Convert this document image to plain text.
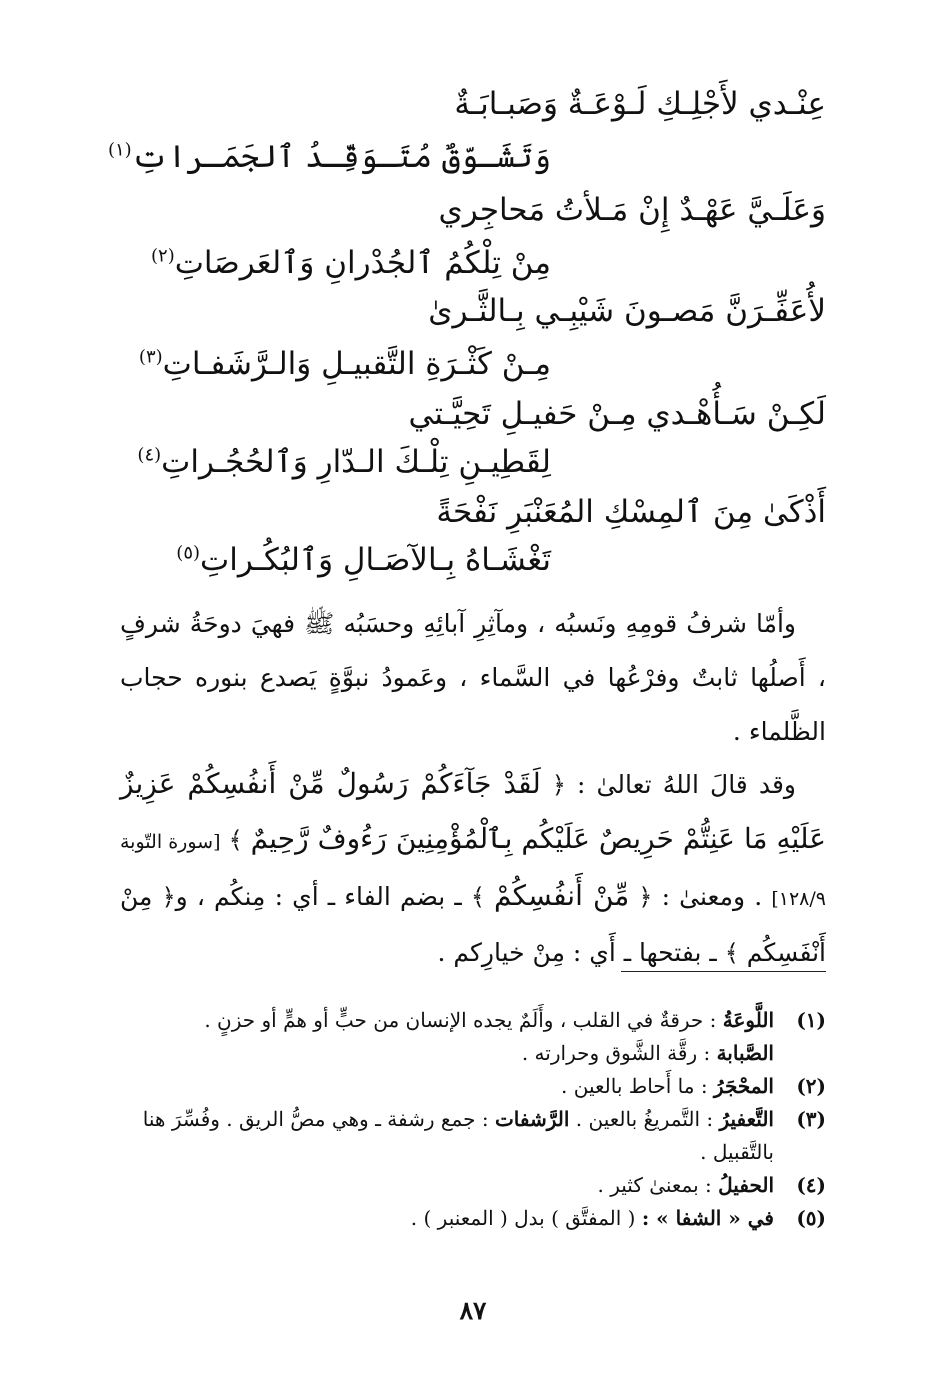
عِنْـدي لأَجْلِـكِ لَـوْعَـةٌ وَصَبـابَـةٌ
وَتَشَـوّقٌ مُتَـوَقِّـدُ ٱلجَمَـراتِ$^{(١)}$
وَعَلَـيَّ عَهْـدٌ إِنْ مَـلأتُ مَحاجِري
مِنْ تِلْكُمُ ٱلجُدْرانِ وَٱلعَرصَاتِ$^{(٢)}$
لأُعَفِّـرَنَّ مَصـونَ شَيْبِـي بِـالثَّـرىٰ
مِـنْ كَثْـرَةِ التَّقبيـلِ وَالـرَّشَفـاتِ$^{(٣)}$
لَكِـنْ سَـأُهْـدي مِـنْ حَفيـلِ تَحِيَّـتي
لِقَطِيـنِ تِلْـكَ الـدّارِ وَٱلحُجُـراتِ$^{(٤)}$
أَذْكَىٰ مِنَ ٱلمِسْكِ المُعَنْبَرِ نَفْحَةً
تَغْشَـاهُ بِـالآصَـالِ وَٱلبُكُـراتِ$^{(٥)}$
وأمّا شرفُ قومِهِ ونَسبُه ، ومآثِرِ آبائِهِ وحسَبُه ﷺ فهيَ دوحَةُ شرفٍ ، أَصلُها ثابتٌ وفرْعُها في السَّماء ، وعَمودُ نبوَّةٍ يَصدع بنوره حجاب الظَّلماء .
وقد قالَ اللهُ تعالىٰ : ﴿ لَقَدْ جَآءَكُمْ رَسُولٌ مِّنْ أَنفُسِكُمْ عَزِيزٌ عَلَيْهِ مَا عَنِتُّمْ حَرِيصٌ عَلَيْكُم بِٱلْمُؤْمِنِينَ رَءُوفٌ رَّحِيمٌ ﴾ [سورة التّوبة ١٢٨/٩] . ومعنىٰ : ﴿ مِّنْ أَنفُسِكُمْ ﴾ ـ بضم الفاء ـ أي : مِنكُم ، و﴿ مِنْ أَنْفَسِكُم ﴾ ـ بفتحها ـ أَي : مِنْ خيارِكم .
(١)
اللَّوعَةُ : حرقةٌ في القلب ، وأَلَمٌ يجده الإنسان من حبٍّ أو همٍّ أو حزنٍ .
الصَّبابة : رقَّة الشَّوق وحرارته .
(٢)
المحْجَرُ : ما أَحاط بالعين .
(٣)
التَّعفيرُ : التَّمريغُ بالعين . الرَّشفات : جمع رشفة ـ وهي مصُّ الريق . وفُسِّرَ هنا بالتَّقبيل .
(٤)
الحفيلُ : بمعنىٰ كثير .
(٥)
في « الشفا » : ( المفتَّق ) بدل ( المعنبر ) .
٨٧
